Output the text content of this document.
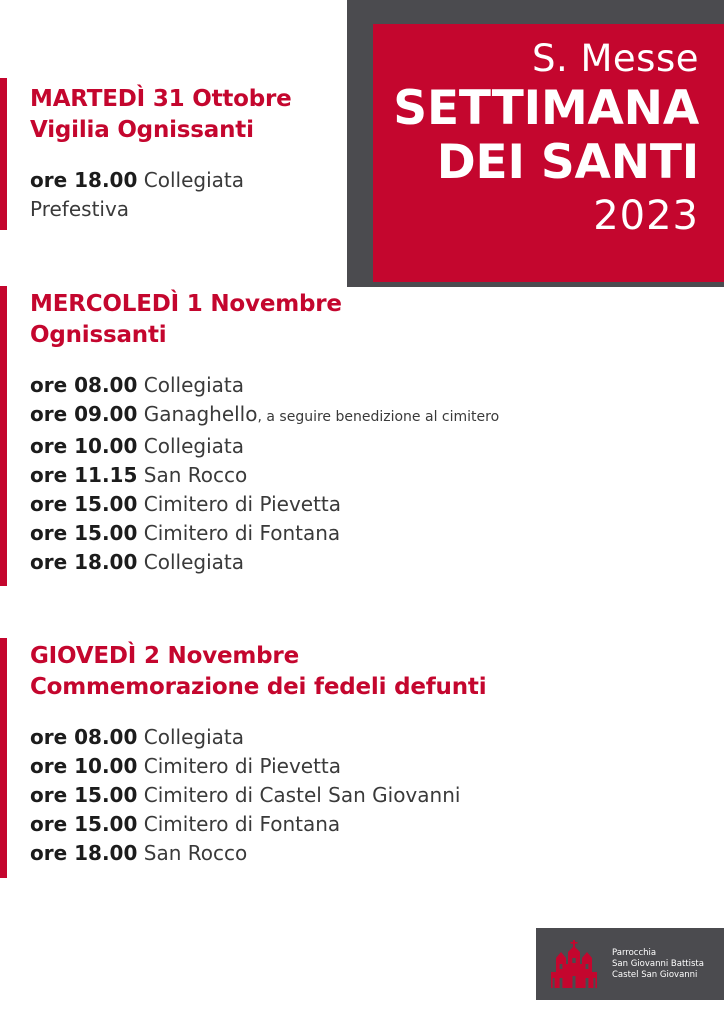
S. Messe
SETTIMANA
DEI SANTI
2023
MARTEDÌ 31 Ottobre
Vigilia Ognissanti
ore 18.00 Collegiata
Prefestiva
MERCOLEDÌ 1 Novembre
Ognissanti
ore 08.00 Collegiata
ore 09.00 Ganaghello, a seguire benedizione al cimitero
ore 10.00 Collegiata
ore 11.15 San Rocco
ore 15.00 Cimitero di Pievetta
ore 15.00 Cimitero di Fontana
ore 18.00 Collegiata
GIOVEDÌ 2 Novembre
Commemorazione dei fedeli defunti
ore 08.00 Collegiata
ore 10.00 Cimitero di Pievetta
ore 15.00 Cimitero di Castel San Giovanni
ore 15.00 Cimitero di Fontana
ore 18.00 San Rocco
Parrocchia
San Giovanni Battista
Castel San Giovanni
